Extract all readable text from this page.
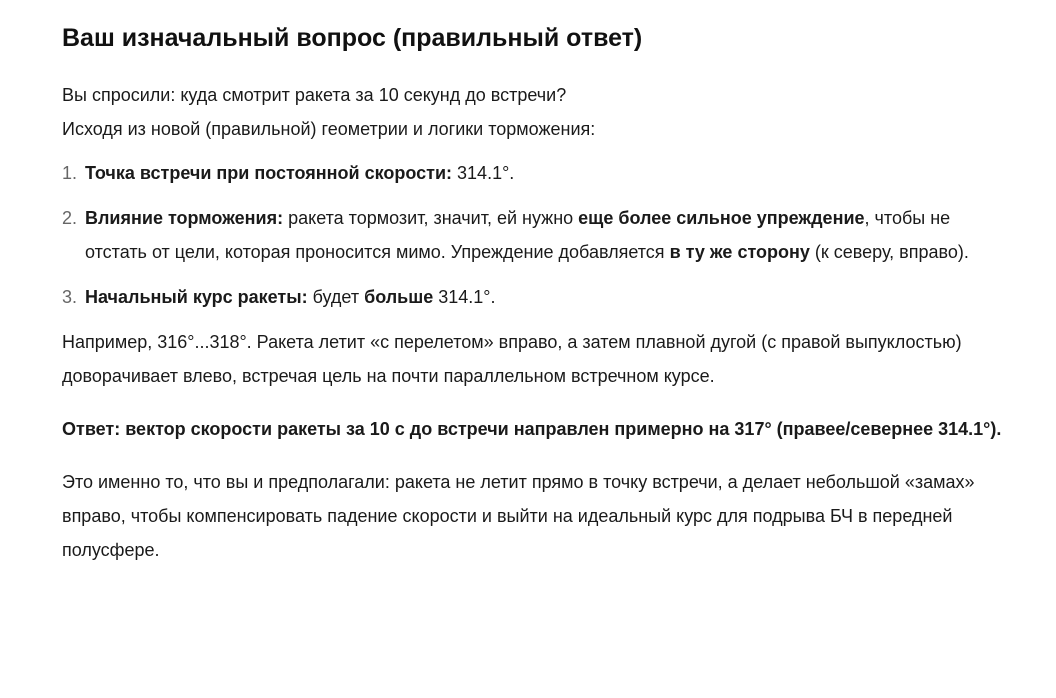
Ваш изначальный вопрос (правильный ответ)

Вы спросили: куда смотрит ракета за 10 секунд до встречи?

Исходя из новой (правильной) геометрии и логики торможения:

1. Точка встречи при постоянной скорости: 314.1°.
2. Влияние торможения: ракета тормозит, значит, ей нужно еще более сильное упреждение, чтобы не отстать от цели, которая проносится мимо. Упреждение добавляется в ту же сторону (к северу, вправо).
3. Начальный курс ракеты: будет больше 314.1°.

Например, 316°...318°. Ракета летит «с перелетом» вправо, а затем плавной дугой (с правой выпуклостью) доворачивает влево, встречая цель на почти параллельном встречном курсе.

Ответ: вектор скорости ракеты за 10 с до встречи направлен примерно на 317° (правее/севернее 314.1°).

Это именно то, что вы и предполагали: ракета не летит прямо в точку встречи, а делает небольшой «замах» вправо, чтобы компенсировать падение скорости и выйти на идеальный курс для подрыва БЧ в передней полусфере.
